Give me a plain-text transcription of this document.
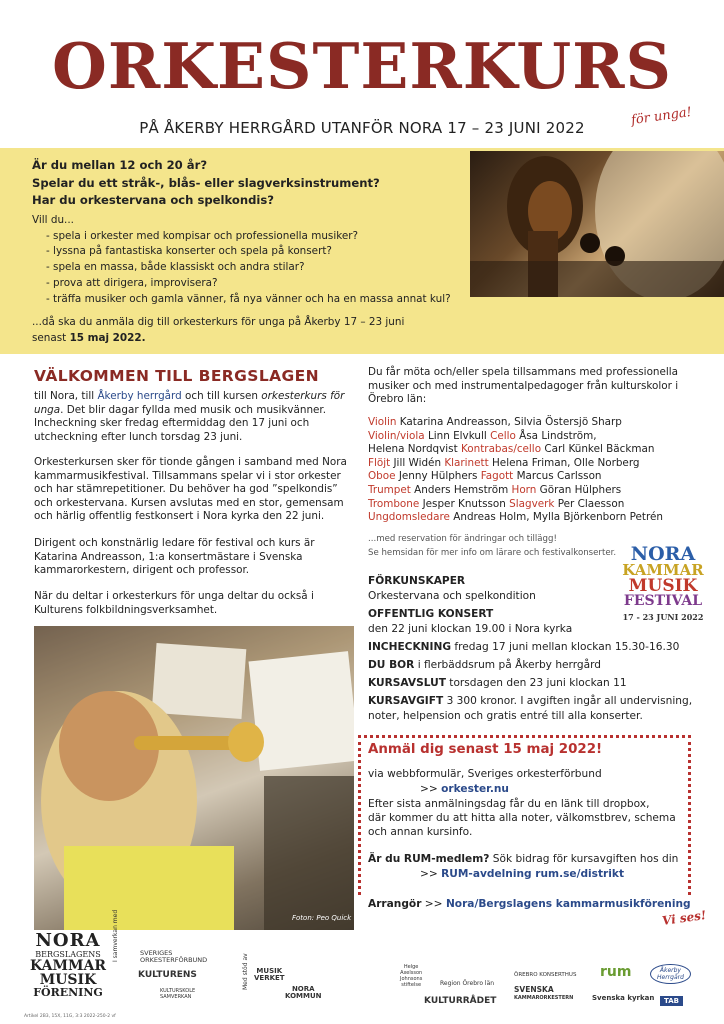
ORKESTERKURS
PÅ ÅKERBY HERRGÅRD UTANFÖR NORA 17 – 23 JUNI 2022	för unga!
Är du mellan 12 och 20 år?
Spelar du ett stråk-, blås- eller slagverksinstrument?
Har du orkestervana och spelkondis?
Vill du...
- spela i orkester med kompisar och professionella musiker?
- lyssna på fantastiska konserter och spela på konsert?
- spela en massa, både klassiskt och andra stilar?
- prova att dirigera, improvisera?
- träffa musiker och gamla vänner, få nya vänner och ha en massa annat kul?
...då ska du anmäla dig till orkesterkurs för unga på Åkerby 17 – 23 juni
senast 15 maj 2022.
VÄLKOMMEN TILL BERGSLAGEN
till Nora, till Åkerby herrgård och till kursen orkesterkurs för unga. Det blir dagar fyllda med musik och musikvänner. Incheckning sker fredag eftermiddag den 17 juni och utcheckning efter lunch torsdag 23 juni.
Orkesterkursen sker för tionde gången i samband med Nora kammarmusikfestival. Tillsammans spelar vi i stor orkester och har stämrepetitioner. Du behöver ha god ”spelkondis” och orkestervana. Kursen avslutas med en stor, gemensam och härlig offentlig festkonsert i Nora kyrka den 22 juni.
Dirigent och konstnärlig ledare för festival och kurs är Katarina Andreasson, 1:a konsertmästare i Svenska kammarorkestern, dirigent och professor.
När du deltar i orkesterkurs för unga deltar du också i Kulturens folkbildningsverksamhet.
Foton: Peo Quick
Du får möta och/eller spela tillsammans med professionella musiker och med instrumentalpedagoger från kulturskolor i Örebro län:
Violin Katarina Andreasson, Silvia Östersjö Sharp
Violin/viola Linn Elvkull Cello Åsa Lindström,
Helena Nordqvist Kontrabas/cello Carl Künkel Bäckman
Flöjt Jill Widén Klarinett Helena Friman, Olle Norberg
Oboe Jenny Hülphers Fagott Marcus Carlsson
Trumpet Anders Hemström Horn Göran Hülphers
Trombone Jesper Knutsson Slagverk Per Claesson
Ungdomsledare Andreas Holm, Mylla Björkenborn Petrén
...med reservation för ändringar och tillägg!
Se hemsidan för mer info om lärare och festivalkonserter. NORA
KAMMAR
MUSIK
FESTIVAL
17 - 23 JUNI 2022
FÖRKUNSKAPER
Orkestervana och spelkondition
OFFENTLIG KONSERT
den 22 juni klockan 19.00 i Nora kyrka
INCHECKNING fredag 17 juni mellan klockan 15.30-16.30
DU BOR i flerbäddsrum på Åkerby herrgård
KURSAVSLUT torsdagen den 23 juni klockan 11
KURSAVGIFT 3 300 kronor. I avgiften ingår all undervisning,
noter, helpension och gratis entré till alla konserter.
Anmäl dig senast 15 maj 2022!
via webbformulär, Sveriges orkesterförbund
>> orkester.nu
Efter sista anmälningsdag får du en länk till dropbox,
där kommer du att hitta alla noter, välkomstbrev, schema
och annan kursinfo.
Är du RUM-medlem? Sök bidrag för kursavgiften hos din
>> RUM-avdelning rum.se/distrikt
Arrangör >> Nora/Bergslagens kammarmusikförening
Vi ses!
NORA
BERGSLAGENS
KAMMAR
MUSIK
FÖRENING
I samverkan med	SVERIGES
ORKESTERFÖRBUND
KULTURENS
KULTURSKOLE
SAMVERKAN
Med stöd av	MUSIK
VERKET
NORA
KOMMUN
Helge
Axelsson
Johnsons
stiftelse	Region Örebro län
KULTURRÅDET
ÖREBRO KONSERTHUS
SVENSKA
KAMMARORKESTERN
rum
Svenska kyrkan
Åkerby
Herrgård
TAB
Artikel 2B3, 15X, 11G, 3:3 2022-250-2 vf
